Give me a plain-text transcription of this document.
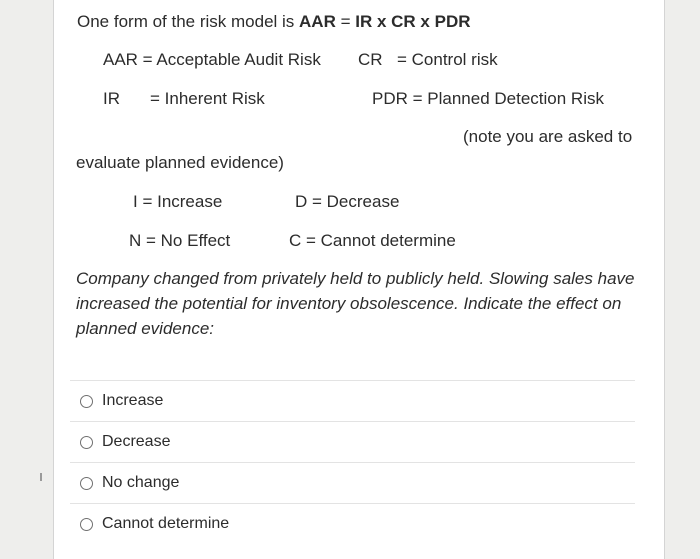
One form of the risk model is AAR = IR x CR x PDR
AAR = Acceptable Audit Risk CR = Control risk
IR = Inherent Risk	PDR = Planned Detection Risk
(note you are asked to
evaluate planned evidence)
I = Increase	D = Decrease
N = No Effect	C = Cannot determine
Company changed from privately held to publicly held. Slowing sales have increased the potential for inventory obsolescence. Indicate the effect on planned evidence:
Increase
Decrease
No change
Cannot determine
